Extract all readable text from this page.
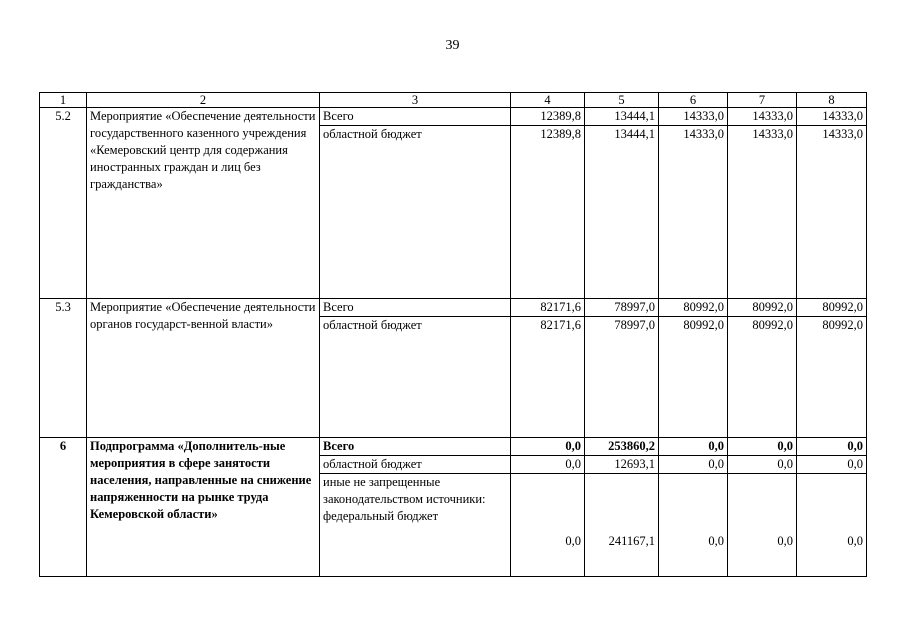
39
1	2	3	4	5	6	7	8
5.2	Мероприятие «Обеспечение деятельности государственного казенного учреждения «Кемеровский центр для содержания иностранных граждан и лиц без гражданства»	Всего	12389,8	13444,1	14333,0	14333,0	14333,0
		областной бюджет	12389,8	13444,1	14333,0	14333,0	14333,0
5.3	Мероприятие «Обеспечение деятельности органов государст-венной власти»	Всего	82171,6	78997,0	80992,0	80992,0	80992,0
		областной бюджет	82171,6	78997,0	80992,0	80992,0	80992,0
6	Подпрограмма «Дополнитель-ные мероприятия в сфере занятости населения, направленные на снижение напряженности на рынке труда Кемеровской области»	Всего	0,0	253860,2	0,0	0,0	0,0
		областной бюджет	0,0	12693,1	0,0	0,0	0,0
		иные не запрещенные законодательством источники: федеральный бюджет	0,0	241167,1	0,0	0,0	0,0
